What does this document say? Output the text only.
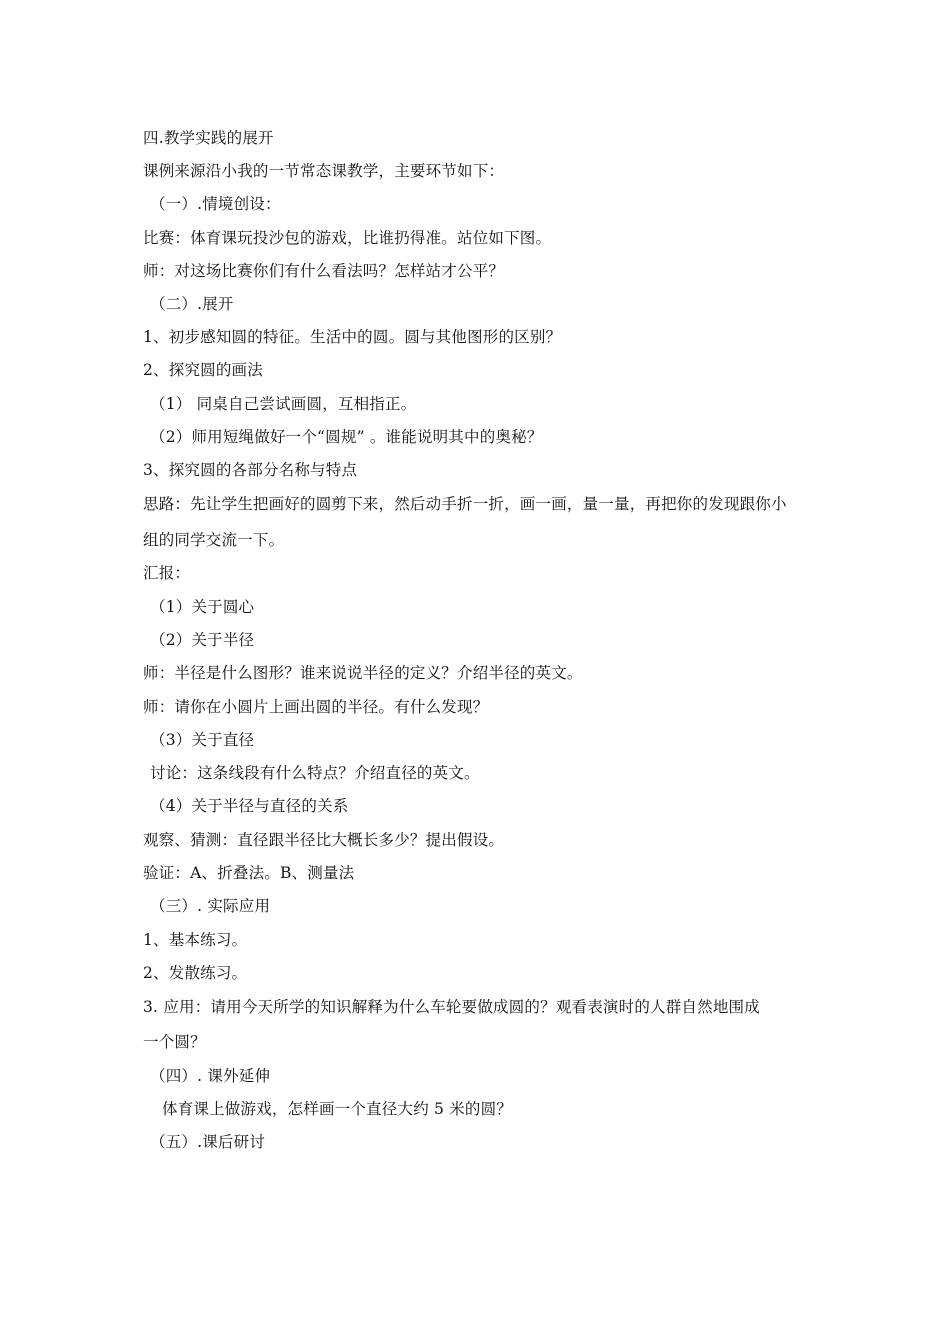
四.教学实践的展开
课例来源沿小我的一节常态课教学，主要环节如下：
（一）.情境创设：
比赛：体育课玩投沙包的游戏，比谁扔得准。站位如下图。
师：对这场比赛你们有什么看法吗？怎样站才公平？
（二）.展开
1、初步感知圆的特征。生活中的圆。圆与其他图形的区别？
2、探究圆的画法
（1） 同桌自己尝试画圆，互相指正。
（2）师用短绳做好一个“圆规” 。谁能说明其中的奥秘？
3、探究圆的各部分名称与特点
思路：先让学生把画好的圆剪下来，然后动手折一折，画一画，量一量，再把你的发现跟你小
组的同学交流一下。
汇报：
（1）关于圆心
（2）关于半径
师：半径是什么图形？谁来说说半径的定义？介绍半径的英文。
师：请你在小圆片上画出圆的半径。有什么发现？
（3）关于直径
讨论：这条线段有什么特点？介绍直径的英文。
（4）关于半径与直径的关系
观察、猜测：直径跟半径比大概长多少？提出假设。
验证：A、折叠法。B、测量法
（三）. 实际应用
1、基本练习。
2、发散练习。
3. 应用：请用今天所学的知识解释为什么车轮要做成圆的？观看表演时的人群自然地围成
一个圆？
（四）. 课外延伸
体育课上做游戏，怎样画一个直径大约 5 米的圆？
（五）.课后研讨
